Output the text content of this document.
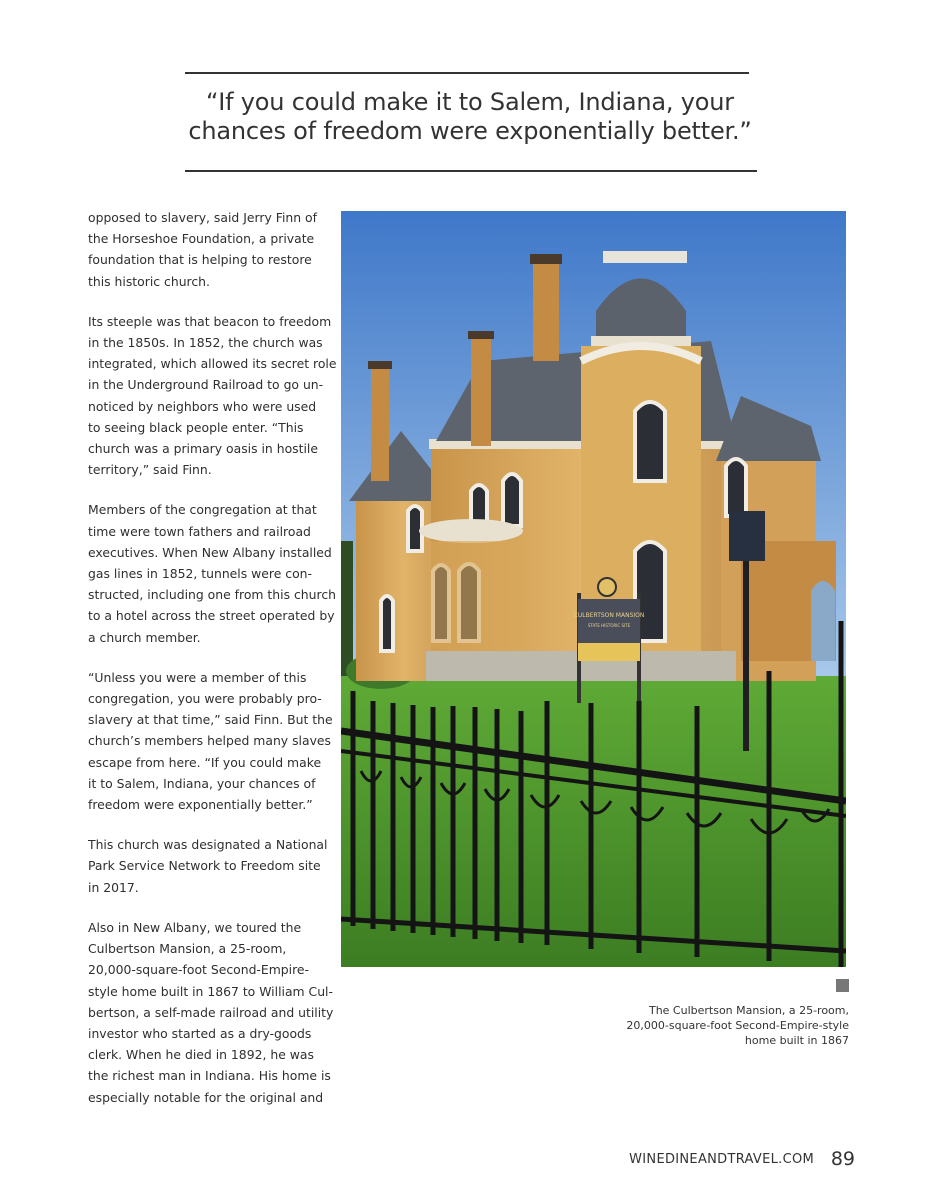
“If you could make it to Salem, Indiana, your
chances of freedom were exponentially better.”

opposed to slavery, said Jerry Finn of
the Horseshoe Foundation, a private
foundation that is helping to restore
this historic church.

Its steeple was that beacon to freedom
in the 1850s. In 1852, the church was
integrated, which allowed its secret role
in the Underground Railroad to go un-
noticed by neighbors who were used
to seeing black people enter. “This
church was a primary oasis in hostile
territory,” said Finn.

Members of the congregation at that
time were town fathers and railroad
executives. When New Albany installed
gas lines in 1852, tunnels were con-
structed, including one from this church
to a hotel across the street operated by
a church member.

“Unless you were a member of this
congregation, you were probably pro-
slavery at that time,” said Finn. But the
church’s members helped many slaves
escape from here. “If you could make
it to Salem, Indiana, your chances of
freedom were exponentially better.”

This church was designated a National
Park Service Network to Freedom site
in 2017.

Also in New Albany, we toured the
Culbertson Mansion, a 25-room,
20,000-square-foot Second-Empire-
style home built in 1867 to William Cul-
bertson, a self-made railroad and utility
investor who started as a dry-goods
clerk. When he died in 1892, he was
the richest man in Indiana. His home is
especially notable for the original and

CULBERTSON MANSION
STATE HISTORIC SITE
The Culbertson Mansion, a 25-room,
20,000-square-foot Second-Empire-style
home built in 1867
WINEDINEANDTRAVEL.COM 89
